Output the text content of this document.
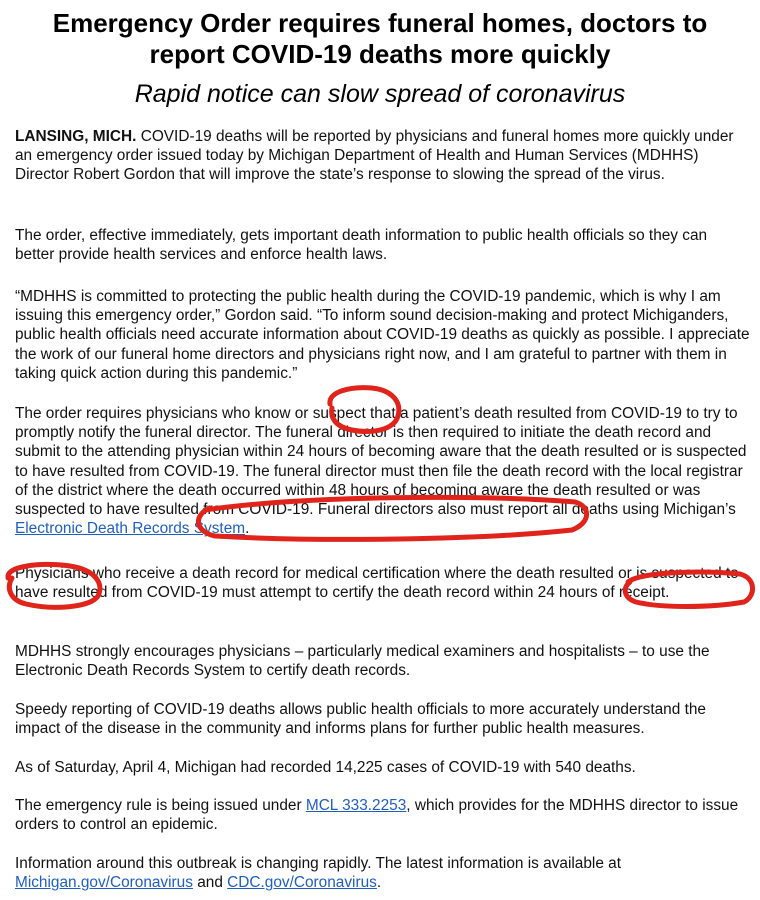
Emergency Order requires funeral homes, doctors to report COVID-19 deaths more quickly
Rapid notice can slow spread of coronavirus

LANSING, MICH. COVID-19 deaths will be reported by physicians and funeral homes more quickly under an emergency order issued today by Michigan Department of Health and Human Services (MDHHS) Director Robert Gordon that will improve the state’s response to slowing the spread of the virus.

The order, effective immediately, gets important death information to public health officials so they can better provide health services and enforce health laws.

“MDHHS is committed to protecting the public health during the COVID-19 pandemic, which is why I am issuing this emergency order,” Gordon said. “To inform sound decision-making and protect Michiganders, public health officials need accurate information about COVID-19 deaths as quickly as possible. I appreciate the work of our funeral home directors and physicians right now, and I am grateful to partner with them in taking quick action during this pandemic.”

The order requires physicians who know or suspect that a patient’s death resulted from COVID-19 to try to promptly notify the funeral director. The funeral director is then required to initiate the death record and submit to the attending physician within 24 hours of becoming aware that the death resulted or is suspected to have resulted from COVID-19. The funeral director must then file the death record with the local registrar of the district where the death occurred within 48 hours of becoming aware the death resulted or was suspected to have resulted from COVID-19. Funeral directors also must report all deaths using Michigan’s Electronic Death Records System.

Physicians who receive a death record for medical certification where the death resulted or is suspected to have resulted from COVID-19 must attempt to certify the death record within 24 hours of receipt.

MDHHS strongly encourages physicians – particularly medical examiners and hospitalists – to use the Electronic Death Records System to certify death records.

Speedy reporting of COVID-19 deaths allows public health officials to more accurately understand the impact of the disease in the community and informs plans for further public health measures.

As of Saturday, April 4, Michigan had recorded 14,225 cases of COVID-19 with 540 deaths.

The emergency rule is being issued under MCL 333.2253, which provides for the MDHHS director to issue orders to control an epidemic.

Information around this outbreak is changing rapidly. The latest information is available at Michigan.gov/Coronavirus and CDC.gov/Coronavirus.
